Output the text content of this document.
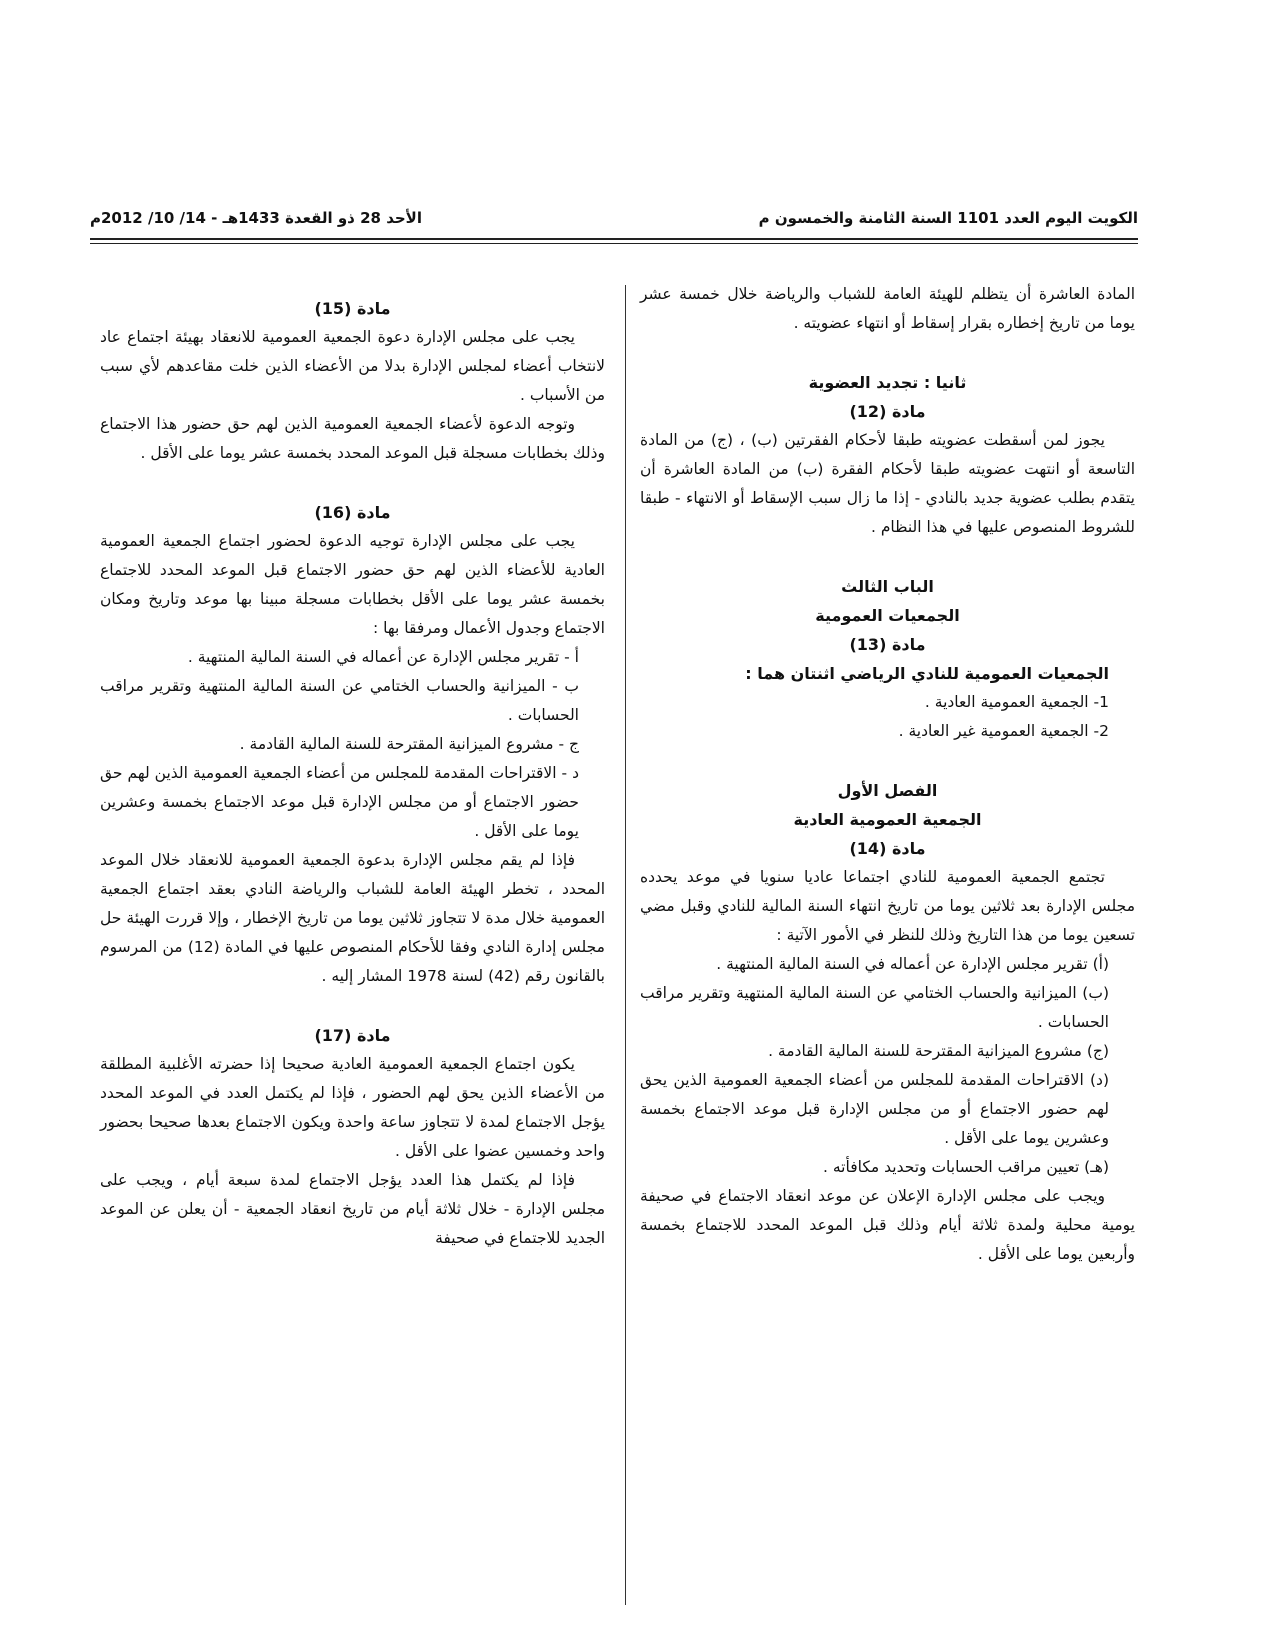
الكويت اليوم العدد 1101 السنة الثامنة والخمسون م
الأحد 28 ذو القعدة 1433هـ - 14/ 10/ 2012م

المادة العاشرة أن يتظلم للهيئة العامة للشباب والرياضة خلال خمسة عشر يوما من تاريخ إخطاره بقرار إسقاط أو انتهاء عضويته .

ثانيا : تجديد العضوية

مادة (12)

يجوز لمن أسقطت عضويته طبقا لأحكام الفقرتين (ب) ، (ج) من المادة التاسعة أو انتهت عضويته طبقا لأحكام الفقرة (ب) من المادة العاشرة أن يتقدم بطلب عضوية جديد بالنادي - إذا ما زال سبب الإسقاط أو الانتهاء - طبقا للشروط المنصوص عليها في هذا النظام .

الباب الثالث

الجمعيات العمومية

مادة (13)

الجمعيات العمومية للنادي الرياضي اثنتان هما :

1- الجمعية العمومية العادية .

2- الجمعية العمومية غير العادية .

الفصل الأول

الجمعية العمومية العادية

مادة (14)

تجتمع الجمعية العمومية للنادي اجتماعا عاديا سنويا في موعد يحدده مجلس الإدارة بعد ثلاثين يوما من تاريخ انتهاء السنة المالية للنادي وقبل مضي تسعين يوما من هذا التاريخ وذلك للنظر في الأمور الآتية :

(أ) تقرير مجلس الإدارة عن أعماله في السنة المالية المنتهية .

(ب) الميزانية والحساب الختامي عن السنة المالية المنتهية وتقرير مراقب الحسابات .

(ج) مشروع الميزانية المقترحة للسنة المالية القادمة .

(د) الاقتراحات المقدمة للمجلس من أعضاء الجمعية العمومية الذين يحق لهم حضور الاجتماع أو من مجلس الإدارة قبل موعد الاجتماع بخمسة وعشرين يوما على الأقل .

(هـ) تعيين مراقب الحسابات وتحديد مكافأته .

ويجب على مجلس الإدارة الإعلان عن موعد انعقاد الاجتماع في صحيفة يومية محلية ولمدة ثلاثة أيام وذلك قبل الموعد المحدد للاجتماع بخمسة وأربعين يوما على الأقل .

مادة (15)

يجب على مجلس الإدارة دعوة الجمعية العمومية للانعقاد بهيئة اجتماع عاد لانتخاب أعضاء لمجلس الإدارة بدلا من الأعضاء الذين خلت مقاعدهم لأي سبب من الأسباب .

وتوجه الدعوة لأعضاء الجمعية العمومية الذين لهم حق حضور هذا الاجتماع وذلك بخطابات مسجلة قبل الموعد المحدد بخمسة عشر يوما على الأقل .

مادة (16)

يجب على مجلس الإدارة توجيه الدعوة لحضور اجتماع الجمعية العمومية العادية للأعضاء الذين لهم حق حضور الاجتماع قبل الموعد المحدد للاجتماع بخمسة عشر يوما على الأقل بخطابات مسجلة مبينا بها موعد وتاريخ ومكان الاجتماع وجدول الأعمال ومرفقا بها :

أ - تقرير مجلس الإدارة عن أعماله في السنة المالية المنتهية .

ب - الميزانية والحساب الختامي عن السنة المالية المنتهية وتقرير مراقب الحسابات .

ج - مشروع الميزانية المقترحة للسنة المالية القادمة .

د - الاقتراحات المقدمة للمجلس من أعضاء الجمعية العمومية الذين لهم حق حضور الاجتماع أو من مجلس الإدارة قبل موعد الاجتماع بخمسة وعشرين يوما على الأقل .

فإذا لم يقم مجلس الإدارة بدعوة الجمعية العمومية للانعقاد خلال الموعد المحدد ، تخطر الهيئة العامة للشباب والرياضة النادي بعقد اجتماع الجمعية العمومية خلال مدة لا تتجاوز ثلاثين يوما من تاريخ الإخطار ، وإلا قررت الهيئة حل مجلس إدارة النادي وفقا للأحكام المنصوص عليها في المادة (12) من المرسوم بالقانون رقم (42) لسنة 1978 المشار إليه .

مادة (17)

يكون اجتماع الجمعية العمومية العادية صحيحا إذا حضرته الأغلبية المطلقة من الأعضاء الذين يحق لهم الحضور ، فإذا لم يكتمل العدد في الموعد المحدد يؤجل الاجتماع لمدة لا تتجاوز ساعة واحدة ويكون الاجتماع بعدها صحيحا بحضور واحد وخمسين عضوا على الأقل .

فإذا لم يكتمل هذا العدد يؤجل الاجتماع لمدة سبعة أيام ، ويجب على مجلس الإدارة - خلال ثلاثة أيام من تاريخ انعقاد الجمعية - أن يعلن عن الموعد الجديد للاجتماع في صحيفة
